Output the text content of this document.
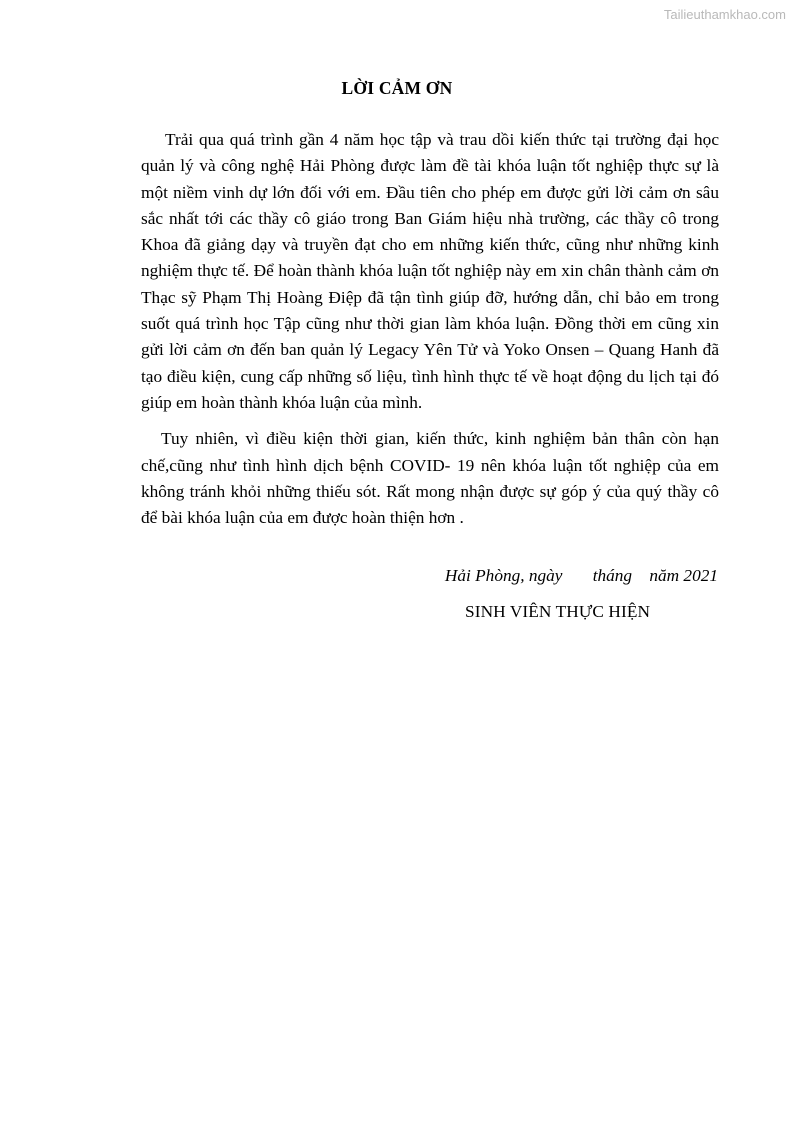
Tailieuthamkhao.com
LỜI CẢM ƠN

Trải qua quá trình gần 4 năm học tập và trau dồi kiến thức tại trường đại học quản lý và công nghệ Hải Phòng được làm đề tài khóa luận tốt nghiệp thực sự là một niềm vinh dự lớn đối với em. Đầu tiên cho phép em được gửi lời cảm ơn sâu sắc nhất tới các thầy cô giáo trong Ban Giám hiệu nhà trường, các thầy cô trong Khoa đã giảng dạy và truyền đạt cho em những kiến thức, cũng như những kinh nghiệm thực tế. Để hoàn thành khóa luận tốt nghiệp này em xin chân thành cảm ơn Thạc sỹ Phạm Thị Hoàng Điệp đã tận tình giúp đỡ, hướng dẫn, chỉ bảo em trong suốt quá trình học Tập cũng như thời gian làm khóa luận. Đồng thời em cũng xin gửi lời cảm ơn đến ban quản lý Legacy Yên Tử và Yoko Onsen – Quang Hanh đã tạo điều kiện, cung cấp những số liệu, tình hình thực tế về hoạt động du lịch tại đó giúp em hoàn thành khóa luận của mình.

Tuy nhiên, vì điều kiện thời gian, kiến thức, kinh nghiệm bản thân còn hạn chế,cũng như tình hình dịch bệnh COVID- 19 nên khóa luận tốt nghiệp của em không tránh khỏi những thiếu sót. Rất mong nhận được sự góp ý của quý thầy cô để bài khóa luận của em được hoàn thiện hơn .

Hải Phòng, ngày       tháng    năm 2021
SINH VIÊN THỰC HIỆN
